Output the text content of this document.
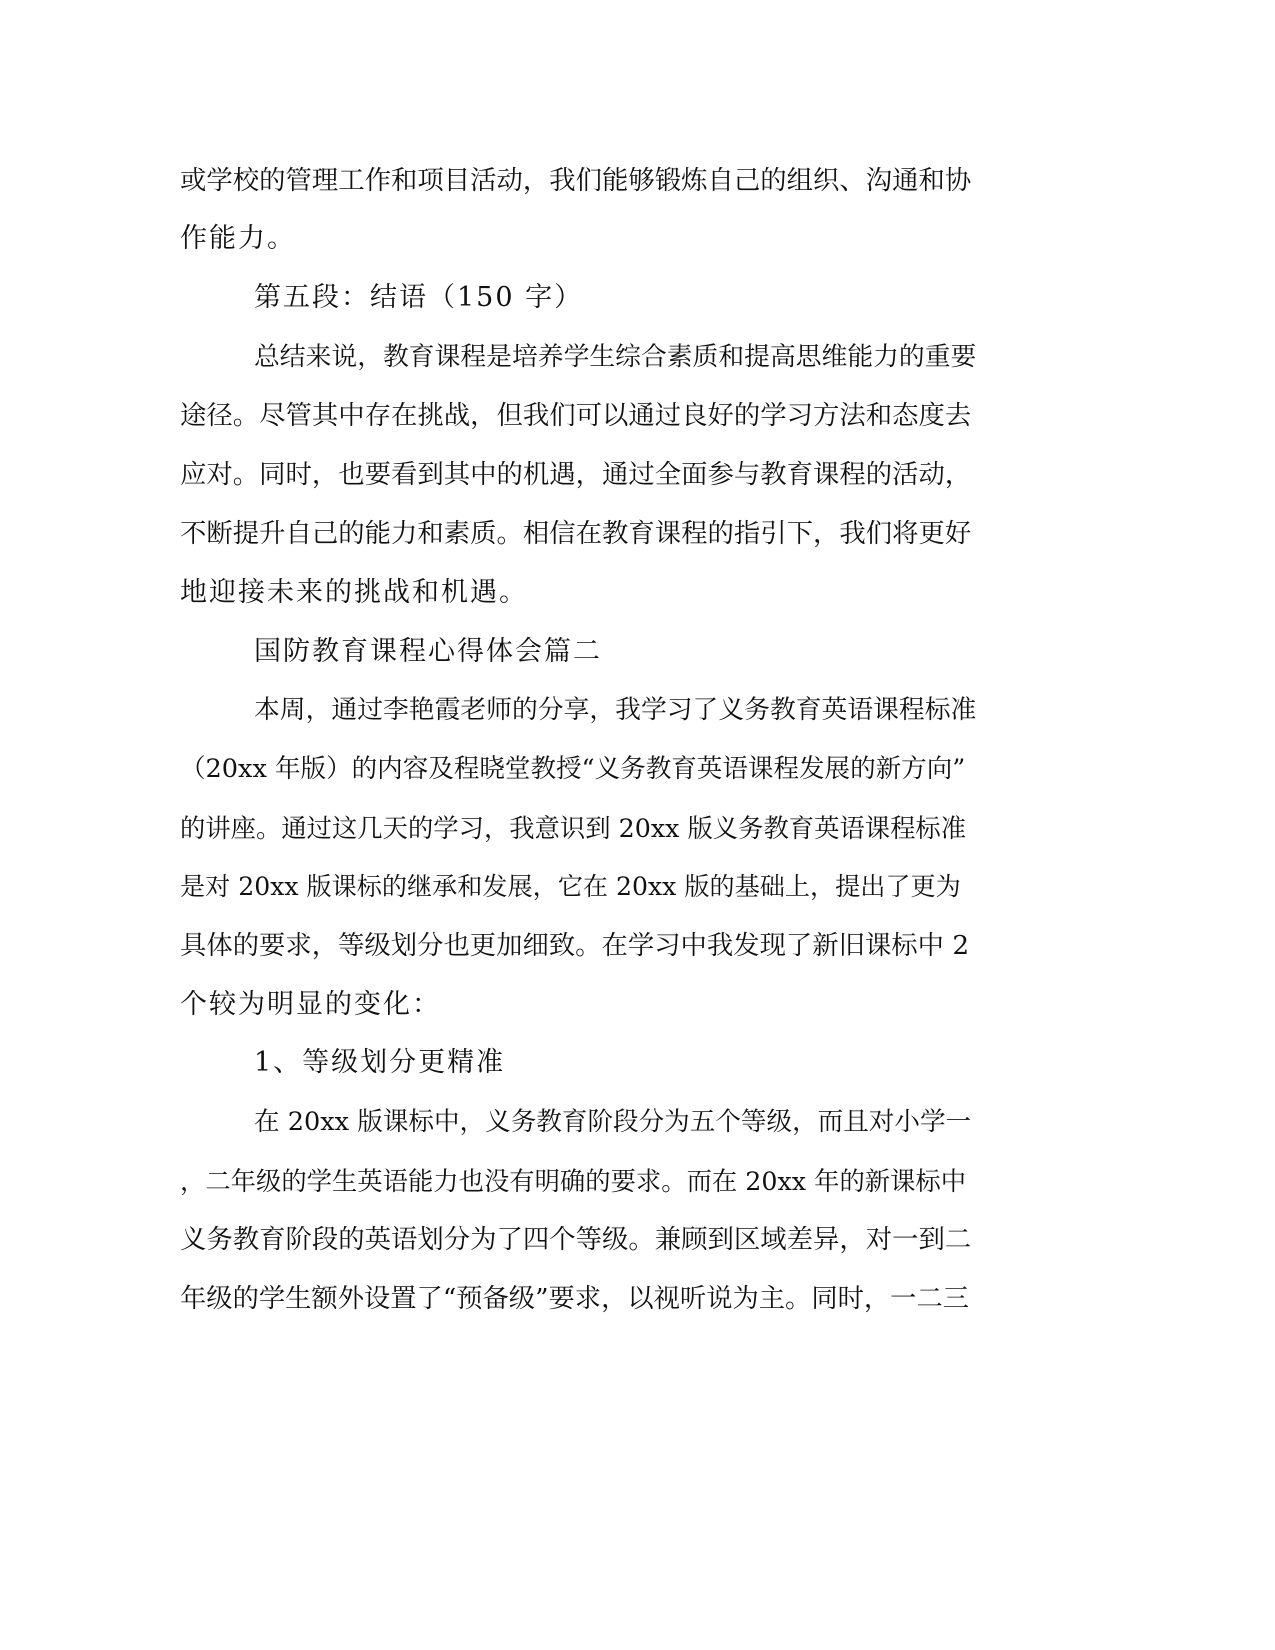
或学校的管理工作和项目活动，我们能够锻炼自己的组织、沟通和协
作能力。
第五段：结语（150 字）
总结来说，教育课程是培养学生综合素质和提高思维能力的重要
途径。尽管其中存在挑战，但我们可以通过良好的学习方法和态度去
应对。同时，也要看到其中的机遇，通过全面参与教育课程的活动，
不断提升自己的能力和素质。相信在教育课程的指引下，我们将更好
地迎接未来的挑战和机遇。
国防教育课程心得体会篇二
本周，通过李艳霞老师的分享，我学习了义务教育英语课程标准
（20xx 年版）的内容及程晓堂教授“义务教育英语课程发展的新方向”
的讲座。通过这几天的学习，我意识到 20xx 版义务教育英语课程标准
是对 20xx 版课标的继承和发展，它在 20xx 版的基础上，提出了更为
具体的要求，等级划分也更加细致。在学习中我发现了新旧课标中 2
个较为明显的变化：
1、等级划分更精准
在 20xx 版课标中，义务教育阶段分为五个等级，而且对小学一
，二年级的学生英语能力也没有明确的要求。而在 20xx 年的新课标中
义务教育阶段的英语划分为了四个等级。兼顾到区域差异，对一到二
年级的学生额外设置了“预备级”要求，以视听说为主。同时，一二三
